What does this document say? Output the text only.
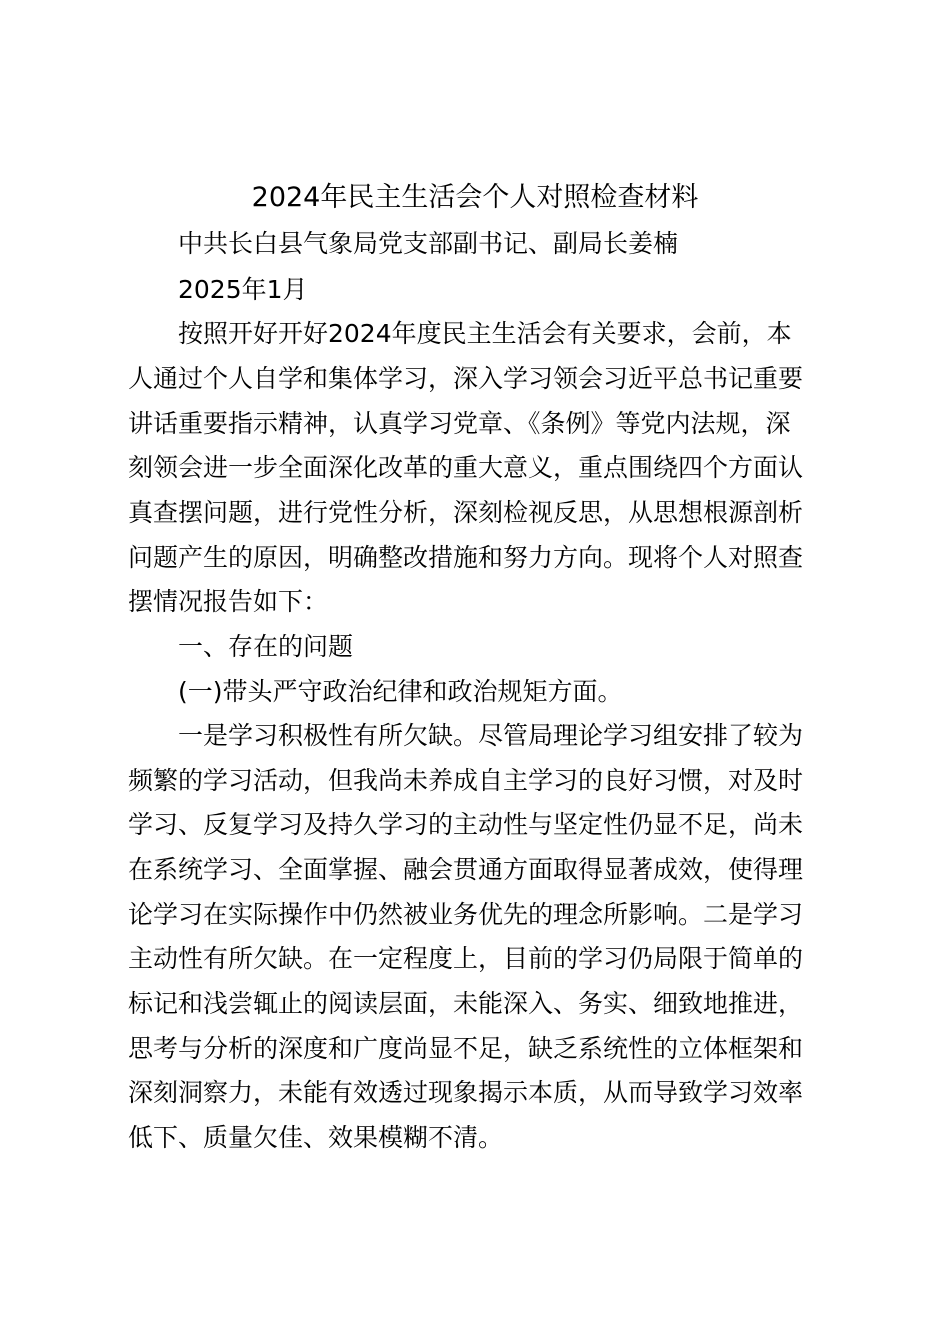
2024年民主生活会个人对照检查材料
中共长白县气象局党支部副书记、副局长姜楠
2025年1月
按照开好开好2024年度民主生活会有关要求，会前，本
人通过个人自学和集体学习，深入学习领会习近平总书记重要
讲话重要指示精神，认真学习党章、《条例》等党内法规，深
刻领会进一步全面深化改革的重大意义，重点围绕四个方面认
真查摆问题，进行党性分析，深刻检视反思，从思想根源剖析
问题产生的原因，明确整改措施和努力方向。现将个人对照查
摆情况报告如下：
一、存在的问题
(一)带头严守政治纪律和政治规矩方面。
一是学习积极性有所欠缺。尽管局理论学习组安排了较为
频繁的学习活动，但我尚未养成自主学习的良好习惯，对及时
学习、反复学习及持久学习的主动性与坚定性仍显不足，尚未
在系统学习、全面掌握、融会贯通方面取得显著成效，使得理
论学习在实际操作中仍然被业务优先的理念所影响。二是学习
主动性有所欠缺。在一定程度上，目前的学习仍局限于简单的
标记和浅尝辄止的阅读层面，未能深入、务实、细致地推进，
思考与分析的深度和广度尚显不足，缺乏系统性的立体框架和
深刻洞察力，未能有效透过现象揭示本质，从而导致学习效率
低下、质量欠佳、效果模糊不清。
